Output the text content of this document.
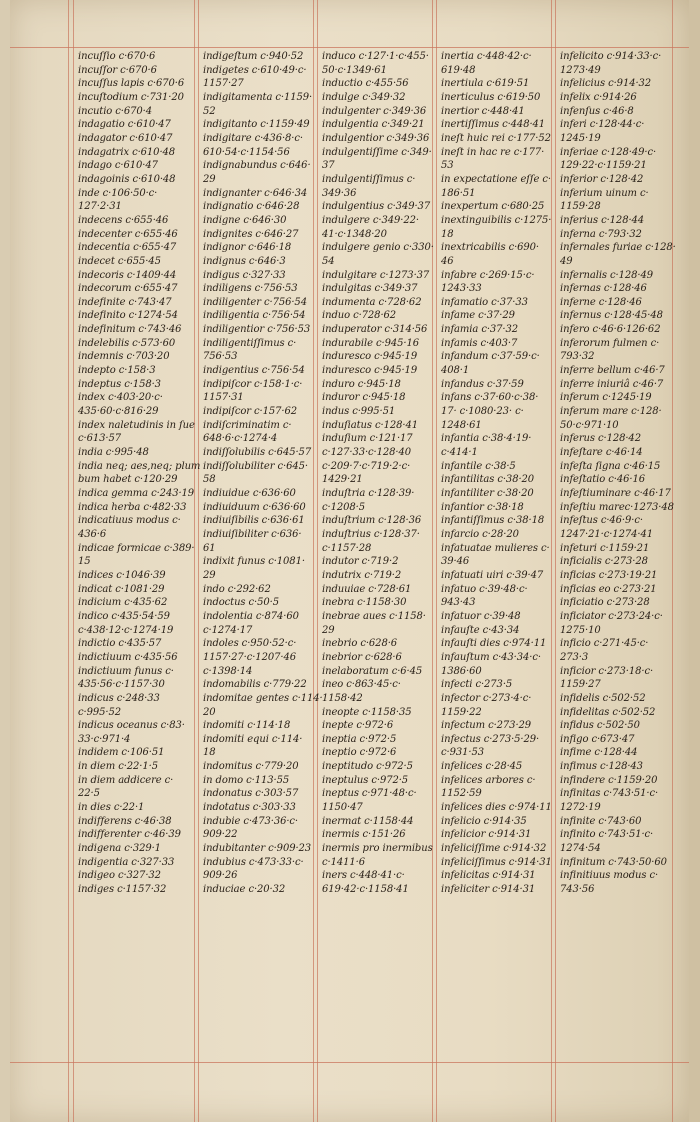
incuſſio c·670·6
incuſſor c·670·6
incuſſus lapis c·670·6
incuſtodium c·731·20
incutio c·670·4
indagatio c·610·47
indagator c·610·47
indagatrix c·610·48
indago c·610·47
indagoinis c·610·48
inde c·106·50·c·
127·2·31
indecens c·655·46
indecenter c·655·46
indecentia c·655·47
indecet c·655·45
indecoris c·1409·44
indecorum c·655·47
indefinite c·743·47
indefinito c·1274·54
indefinitum c·743·46
indelebilis c·573·60
indemnis c·703·20
indepto c·158·3
indeptus c·158·3
index c·403·20·c·
435·60·c·816·29
index naletudinis in ſue
c·613·57
india c·995·48
india neq; aes,neq; plum
bum habet c·120·29
indica gemma c·243·19
indica herba c·482·33
indicatiuus modus c·
436·6
indicae formicae c·389·
15
indices c·1046·39
indicat c·1081·29
indicium c·435·62
indico c·435·54·59
c·438·12·c·1274·19
indictio c·435·57
indictiuum c·435·56
indictiuum funus c·
435·56·c·1157·30
indicus c·248·33
c·995·52
indicus oceanus c·83·
33·c·971·4
indidem c·106·51
in diem c·22·1·5
in diem addicere c·
22·5
in dies c·22·1
indifferens c·46·38
indifferenter c·46·39
indigena c·329·1
indigentia c·327·33
indigeo c·327·32
indiges c·1157·32
indigeſtum c·940·52
indigetes c·610·49·c·
1157·27
indigitamenta c·1159·
52
indigitanto c·1159·49
indigitare c·436·8·c·
610·54·c·1154·56
indignabundus c·646·
29
indignanter c·646·34
indignatio c·646·28
indigne c·646·30
indignites c·646·27
indignor c·646·18
indignus c·646·3
indigus c·327·33
indiligens c·756·53
indiligenter c·756·54
indiligentia c·756·54
indiligentior c·756·53
indiligentiſſimus c·
756·53
indigentius c·756·54
indipiſcor c·158·1·c·
1157·31
indipiſcor c·157·62
indiſcriminatim c·
648·6·c·1274·4
indiſſolubilis c·645·57
indiſſolubiliter c·645·
58
indiuidue c·636·60
indiuiduum c·636·60
indiuiſibilis c·636·61
indiuiſibiliter c·636·
61
indixit funus c·1081·
29
indo c·292·62
indoctus c·50·5
indolentia c·874·60
c·1274·17
indoles c·950·52·c·
1157·27·c·1207·46
c·1398·14
indomabilis c·779·22
indomitae gentes c·114·
20
indomiti c·114·18
indomiti equi c·114·
18
indomitus c·779·20
in domo c·113·55
indonatus c·303·57
indotatus c·303·33
indubie c·473·36·c·
909·22
indubitanter c·909·23
indubius c·473·33·c·
909·26
induciae c·20·32
induco c·127·1·c·455·
50·c·1349·61
inductio c·455·56
indulge c·349·32
indulgenter c·349·36
indulgentia c·349·21
indulgentior c·349·36
indulgentiſſime c·349·
37
indulgentiſſimus c·
349·36
indulgentius c·349·37
indulgere c·349·22·
41·c·1348·20
indulgere genio c·330·
54
indulgitare c·1273·37
indulgitas c·349·37
indumenta c·728·62
induo c·728·62
induperator c·314·56
indurabile c·945·16
induresco c·945·19
induresco c·945·19
induro c·945·18
induror c·945·18
indus c·995·51
induſiatus c·128·41
induſium c·121·17
c·127·33·c·128·40
c·209·7·c·719·2·c·
1429·21
induſtria c·128·39·
c·1208·5
induſtrium c·128·36
induſtrius c·128·37·
c·1157·28
indutor c·719·2
indutrix c·719·2
induuiae c·728·61
inebra c·1158·30
inebrae aues c·1158·
29
inebrio c·628·6
inebrior c·628·6
inelaboratum c·6·45
ineo c·863·45·c·
1158·42
ineopte c·1158·35
inepte c·972·6
ineptia c·972·5
ineptio c·972·6
ineptitudo c·972·5
ineptulus c·972·5
ineptus c·971·48·c·
1150·47
inermat c·1158·44
inermis c·151·26
inermis pro inermibus
c·1411·6
iners c·448·41·c·
619·42·c·1158·41
inertia c·448·42·c·
619·48
inertiula c·619·51
inerticulus c·619·50
inertior c·448·41
inertiſſimus c·448·41
ineſt huic rei c·177·52
ineſt in hac re c·177·
53
in expectatione eſſe c·
186·51
inexpertum c·680·25
inextinguibilis c·1275·
18
inextricabilis c·690·
46
infabre c·269·15·c·
1243·33
infamatio c·37·33
infame c·37·29
infamia c·37·32
infamis c·403·7
infandum c·37·59·c·
408·1
infandus c·37·59
infans c·37·60·c·38·
17· c·1080·23· c·
1248·61
infantia c·38·4·19·
c·414·1
infantile c·38·5
infantilitas c·38·20
infantiliter c·38·20
infantior c·38·18
infantiſſimus c·38·18
infarcio c·28·20
infatuatae mulieres c·
39·46
infatuati uiri c·39·47
infatuo c·39·48·c·
943·43
infatuor c·39·48
infauſte c·43·34
infauſti dies c·974·11
infauſtum c·43·34·c·
1386·60
infecti c·273·5
infector c·273·4·c·
1159·22
infectum c·273·29
infectus c·273·5·29·
c·931·53
infelices c·28·45
infelices arbores c·
1152·59
infelices dies c·974·11
infelicio c·914·35
infelicior c·914·31
infeliciſſime c·914·32
infeliciſſimus c·914·31
infelicitas c·914·31
infeliciter c·914·31
infelicito c·914·33·c·
1273·49
infelicius c·914·32
infelix c·914·26
infenſus c·46·8
inferi c·128·44·c·
1245·19
inferiae c·128·49·c·
129·22·c·1159·21
inferior c·128·42
inferium uinum c·
1159·28
inferius c·128·44
inferna c·793·32
infernales furiae c·128·
49
infernalis c·128·49
infernas c·128·46
inferne c·128·46
infernus c·128·45·48
infero c·46·6·126·62
inferorum fulmen c·
793·32
inferre bellum c·46·7
inferre iniuriâ c·46·7
inferum c·1245·19
inferum mare c·128·
50·c·971·10
inferus c·128·42
infeſtare c·46·14
infeſta ſigna c·46·15
infeſtatio c·46·16
infeſtiuminare c·46·17
infeſtiu marec·1273·48
infeſtus c·46·9·c·
1247·21·c·1274·41
infeturi c·1159·21
inficialis c·273·28
inficias c·273·19·21
inficias eo c·273·21
inficiatio c·273·28
inficiator c·273·24·c·
1275·10
inficio c·271·45·c·
273·3
inficior c·273·18·c·
1159·27
infidelis c·502·52
infidelitas c·502·52
infidus c·502·50
infigo c·673·47
infime c·128·44
infimus c·128·43
infindere c·1159·20
infinitas c·743·51·c·
1272·19
infinite c·743·60
infinito c·743·51·c·
1274·54
infinitum c·743·50·60
infinitiuus modus c·
743·56
